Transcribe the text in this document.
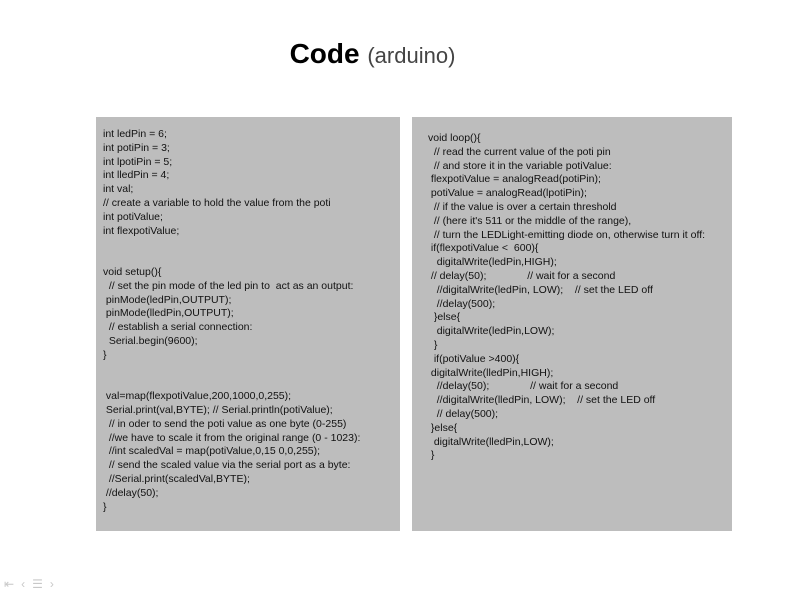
Code (arduino)
int ledPin = 6;
int potiPin = 3;
int lpotiPin = 5;
int lledPin = 4;
int val;
// create a variable to hold the value from the poti
int potiValue;
int flexpotiValue;
void setup(){
// set the pin mode of the led pin to  act as an output:
pinMode(ledPin,OUTPUT);
pinMode(lledPin,OUTPUT);
// establish a serial connection:
Serial.begin(9600);
}
val=map(flexpotiValue,200,1000,0,255);
Serial.print(val,BYTE); // Serial.println(potiValue);
// in oder to send the poti value as one byte (0-255)
//we have to scale it from the original range (0 - 1023):
//int scaledVal = map(potiValue,0,15 0,0,255);
// send the scaled value via the serial port as a byte:
//Serial.print(scaledVal,BYTE);
//delay(50);
}
void loop(){
// read the current value of the poti pin
// and store it in the variable potiValue:
flexpotiValue = analogRead(potiPin);
potiValue = analogRead(lpotiPin);
// if the value is over a certain threshold
// (here it's 511 or the middle of the range),
// turn the LEDLight-emitting diode on, otherwise turn it off:
if(flexpotiValue <  600){
digitalWrite(ledPin,HIGH);
// delay(50);              // wait for a second
//digitalWrite(ledPin, LOW);    // set the LED off
//delay(500);
}else{
digitalWrite(ledPin,LOW);
}
if(potiValue >400){
digitalWrite(lledPin,HIGH);
//delay(50);              // wait for a second
//digitalWrite(lledPin, LOW);    // set the LED off
// delay(500);
}else{
digitalWrite(lledPin,LOW);
}
⇤ ‹ ☰ ›
